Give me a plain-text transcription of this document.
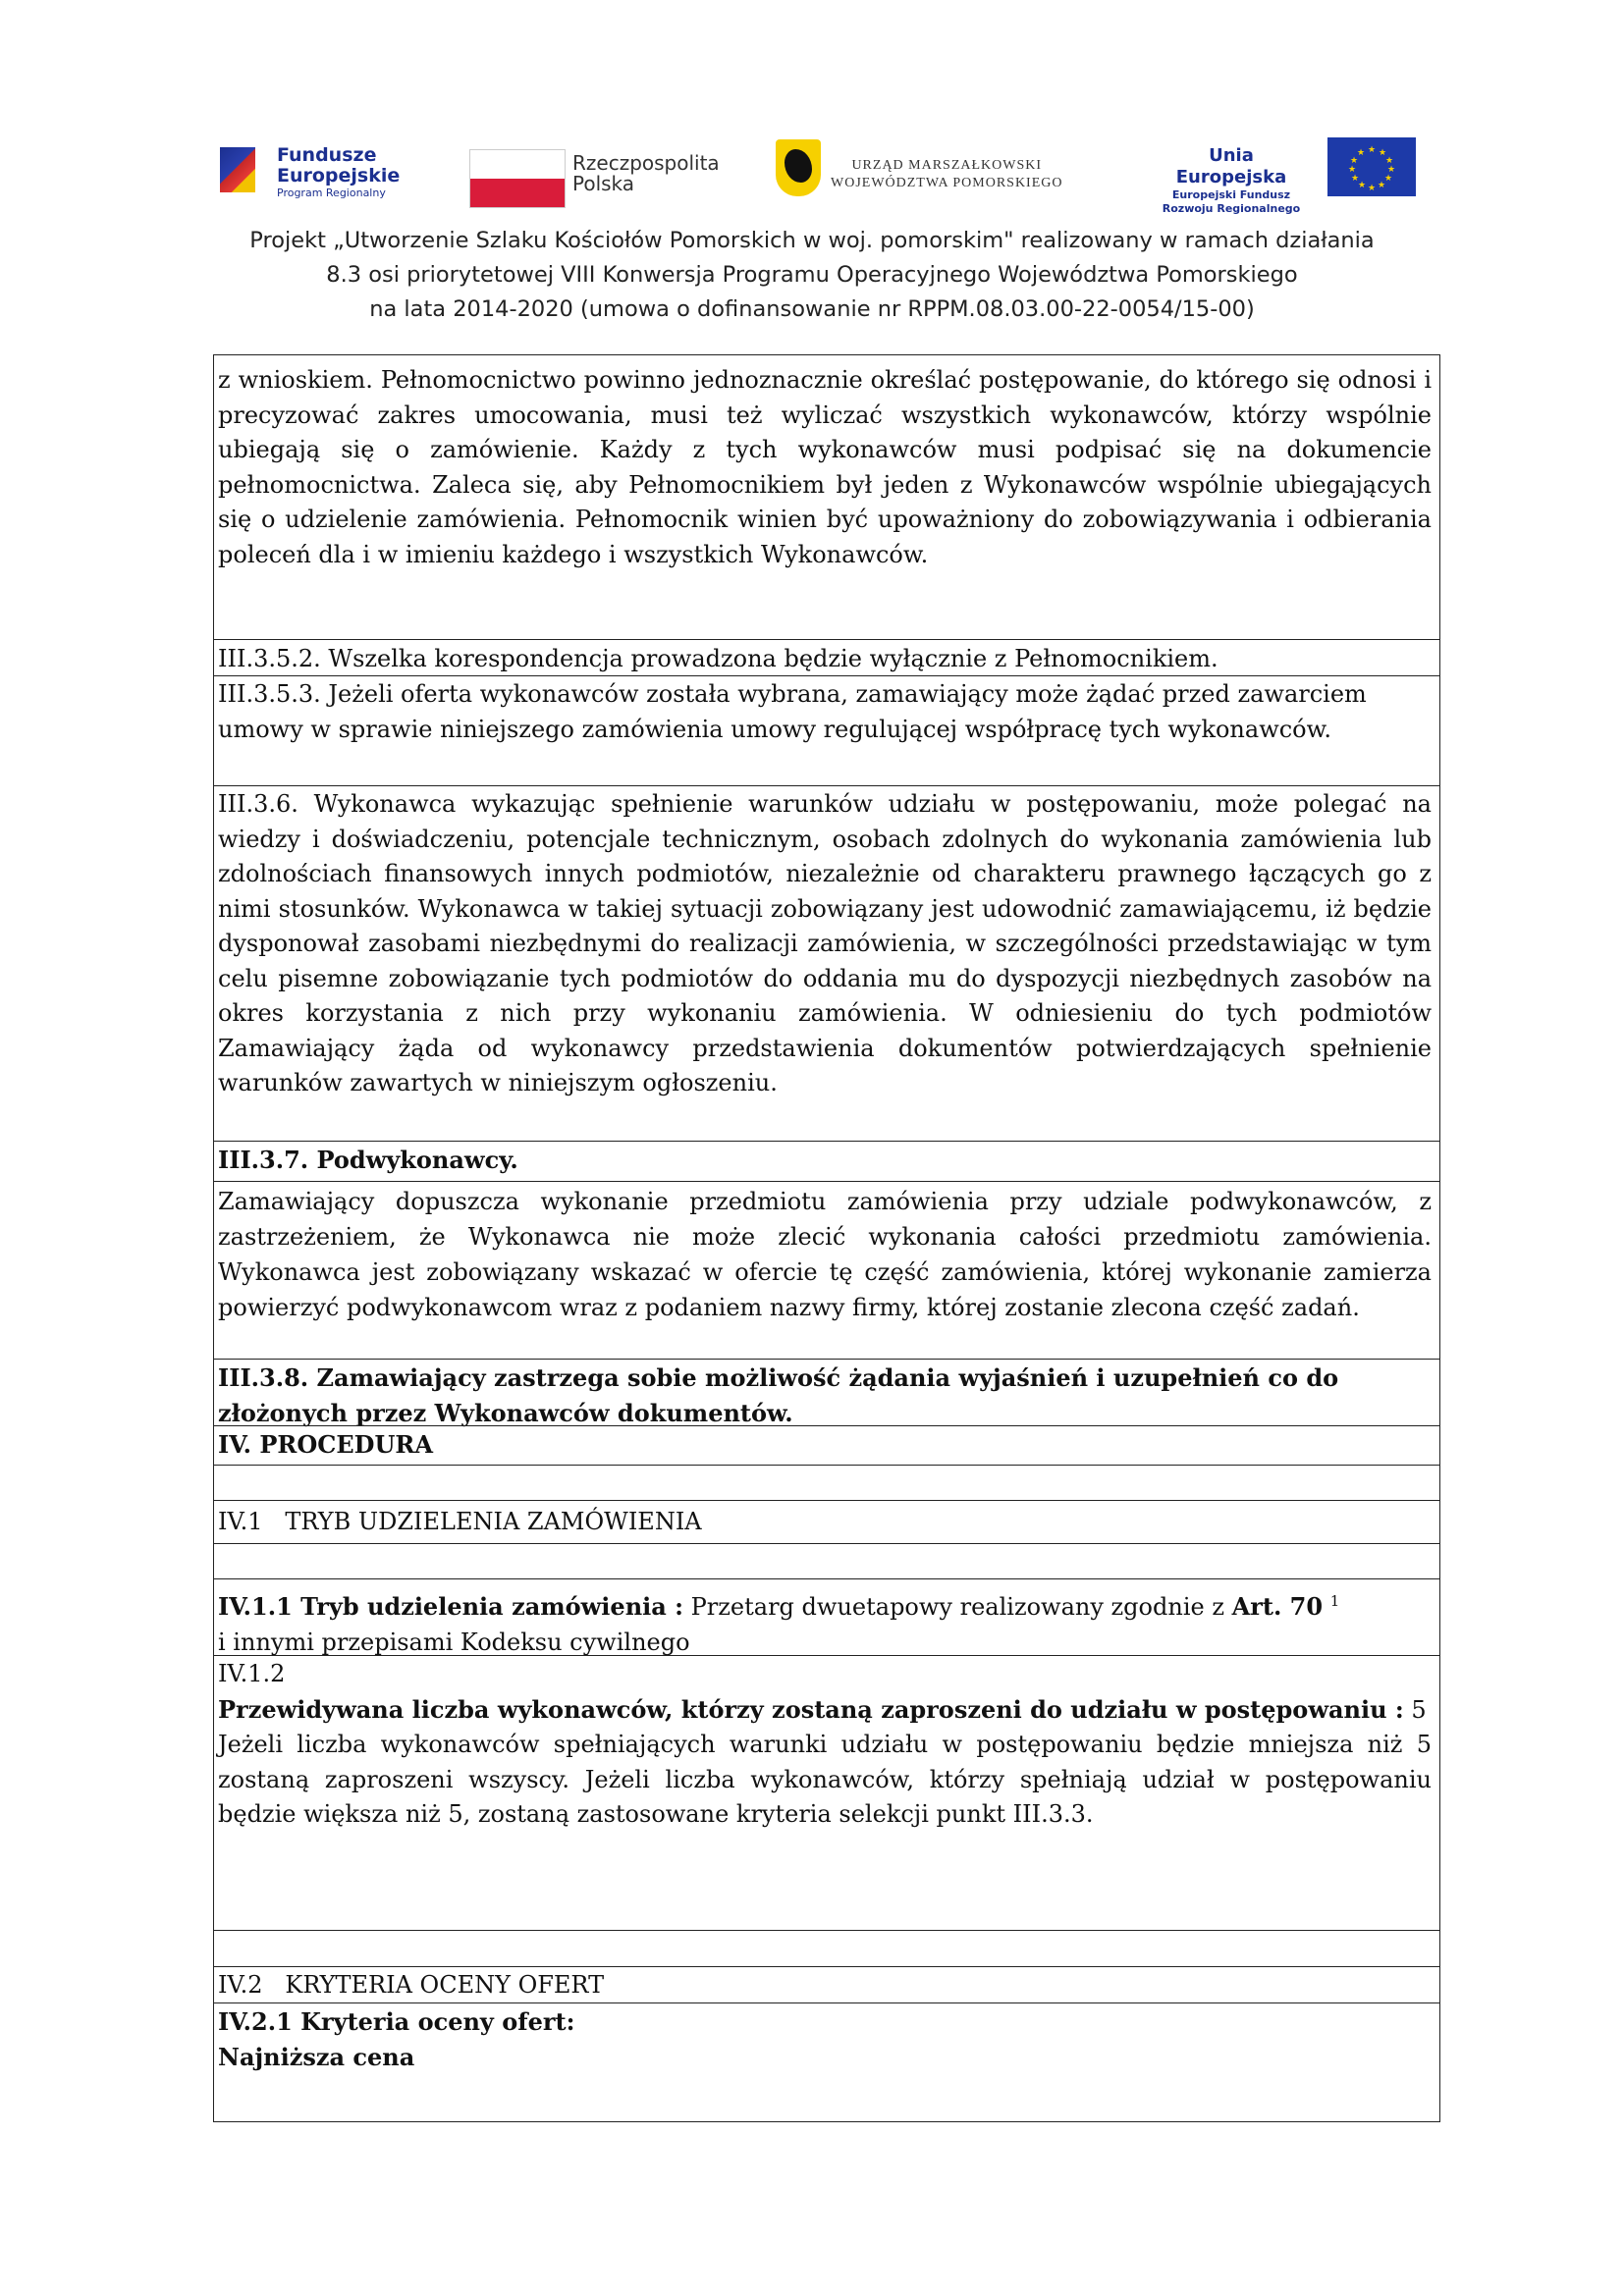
Fundusze
Europejskie
Program Regionalny
Rzeczpospolita
Polska
URZĄD MARSZAŁKOWSKI
WOJEWÓDZTWA POMORSKIEGO
Unia Europejska
Europejski Fundusz
Rozwoju Regionalnego
★ ★
★
★
★
★
★
★
★
★
★
★
Projekt „Utworzenie Szlaku Kościołów Pomorskich w woj. pomorskim" realizowany w ramach działania
8.3 osi priorytetowej VIII Konwersja Programu Operacyjnego Województwa Pomorskiego
na lata 2014-2020 (umowa o dofinansowanie nr RPPM.08.03.00-22-0054/15-00)
z wnioskiem. Pełnomocnictwo powinno jednoznacznie określać postępowanie, do którego się odnosi i precyzować zakres umocowania, musi też wyliczać wszystkich wykonawców, którzy wspólnie ubiegają się o zamówienie. Każdy z tych wykonawców musi podpisać się na dokumencie pełnomocnictwa. Zaleca się, aby Pełnomocnikiem był jeden z Wykonawców wspólnie ubiegających się o udzielenie zamówienia. Pełnomocnik winien być upoważniony do zobowiązywania i odbierania poleceń dla i w imieniu każdego i wszystkich Wykonawców.
III.3.5.2. Wszelka korespondencja prowadzona będzie wyłącznie z Pełnomocnikiem.
III.3.5.3. Jeżeli oferta wykonawców została wybrana, zamawiający może żądać przed zawarciem umowy w sprawie niniejszego zamówienia umowy regulującej współpracę tych wykonawców.
III.3.6. Wykonawca wykazując spełnienie warunków udziału w postępowaniu, może polegać na wiedzy i doświadczeniu, potencjale technicznym, osobach zdolnych do wykonania zamówienia lub zdolnościach finansowych innych podmiotów, niezależnie od charakteru prawnego łączących go z nimi stosunków. Wykonawca w takiej sytuacji zobowiązany jest udowodnić zamawiającemu, iż będzie dysponował zasobami niezbędnymi do realizacji zamówienia, w szczególności przedstawiając w tym celu pisemne zobowiązanie tych podmiotów do oddania mu do dyspozycji niezbędnych zasobów na okres korzystania z nich przy wykonaniu zamówienia. W odniesieniu do tych podmiotów Zamawiający żąda od wykonawcy przedstawienia dokumentów potwierdzających spełnienie warunków zawartych w niniejszym ogłoszeniu.
III.3.7. Podwykonawcy.
Zamawiający dopuszcza wykonanie przedmiotu zamówienia przy udziale podwykonawców, z zastrzeżeniem, że Wykonawca nie może zlecić wykonania całości przedmiotu zamówienia. Wykonawca jest zobowiązany wskazać w ofercie tę część zamówienia, której wykonanie zamierza powierzyć podwykonawcom wraz z podaniem nazwy firmy, której zostanie zlecona część zadań.
III.3.8. Zamawiający zastrzega sobie możliwość żądania wyjaśnień i uzupełnień co do złożonych przez Wykonawców dokumentów.
IV. PROCEDURA
IV.1 TRYB UDZIELENIA ZAMÓWIENIA
IV.1.1 Tryb udzielenia zamówienia : Przetarg dwuetapowy realizowany zgodnie z Art. 70 $^1$
i innymi przepisami Kodeksu cywilnego
IV.1.2
Przewidywana liczba wykonawców, którzy zostaną zaproszeni do udziału w postępowaniu : 5
Jeżeli liczba wykonawców spełniających warunki udziału w postępowaniu będzie mniejsza niż 5 zostaną zaproszeni wszyscy. Jeżeli liczba wykonawców, którzy spełniają udział w postępowaniu będzie większa niż 5, zostaną zastosowane kryteria selekcji punkt III.3.3.
IV.2 KRYTERIA OCENY OFERT
IV.2.1 Kryteria oceny ofert:
Najniższa cena
